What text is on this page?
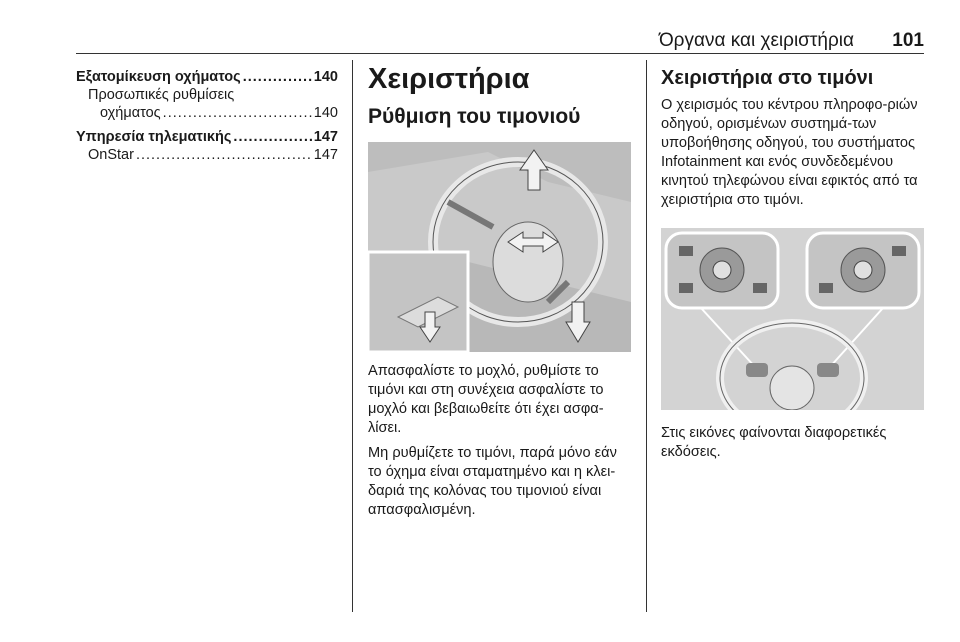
Όργανα και χειριστήρια 101
Εξατομίκευση οχήματος .....	140
Προσωπικές ρυθμίσεις
οχήματος .....	140
Υπηρεσία τηλεματικής .....	147
OnStar .....	147
Χειριστήρια
Ρύθμιση του τιμονιού

Απασφαλίστε το μοχλό, ρυθμίστε το τιμόνι και στη συνέχεια ασφαλίστε το μοχλό και βεβαιωθείτε ότι έχει ασφα-λίσει.

Μη ρυθμίζετε το τιμόνι, παρά μόνο εάν το όχημα είναι σταματημένο και η κλει-δαριά της κολόνας του τιμονιού είναι απασφαλισμένη.

Χειριστήρια στο τιμόνι

Ο χειρισμός του κέντρου πληροφο-ριών οδηγού, ορισμένων συστημά-των υποβοήθησης οδηγού, του συστήματος Infotainment και ενός συνδεδεμένου κινητού τηλεφώνου είναι εφικτός από τα χειριστήρια στο τιμόνι.

Στις εικόνες φαίνονται διαφορετικές εκδόσεις.
